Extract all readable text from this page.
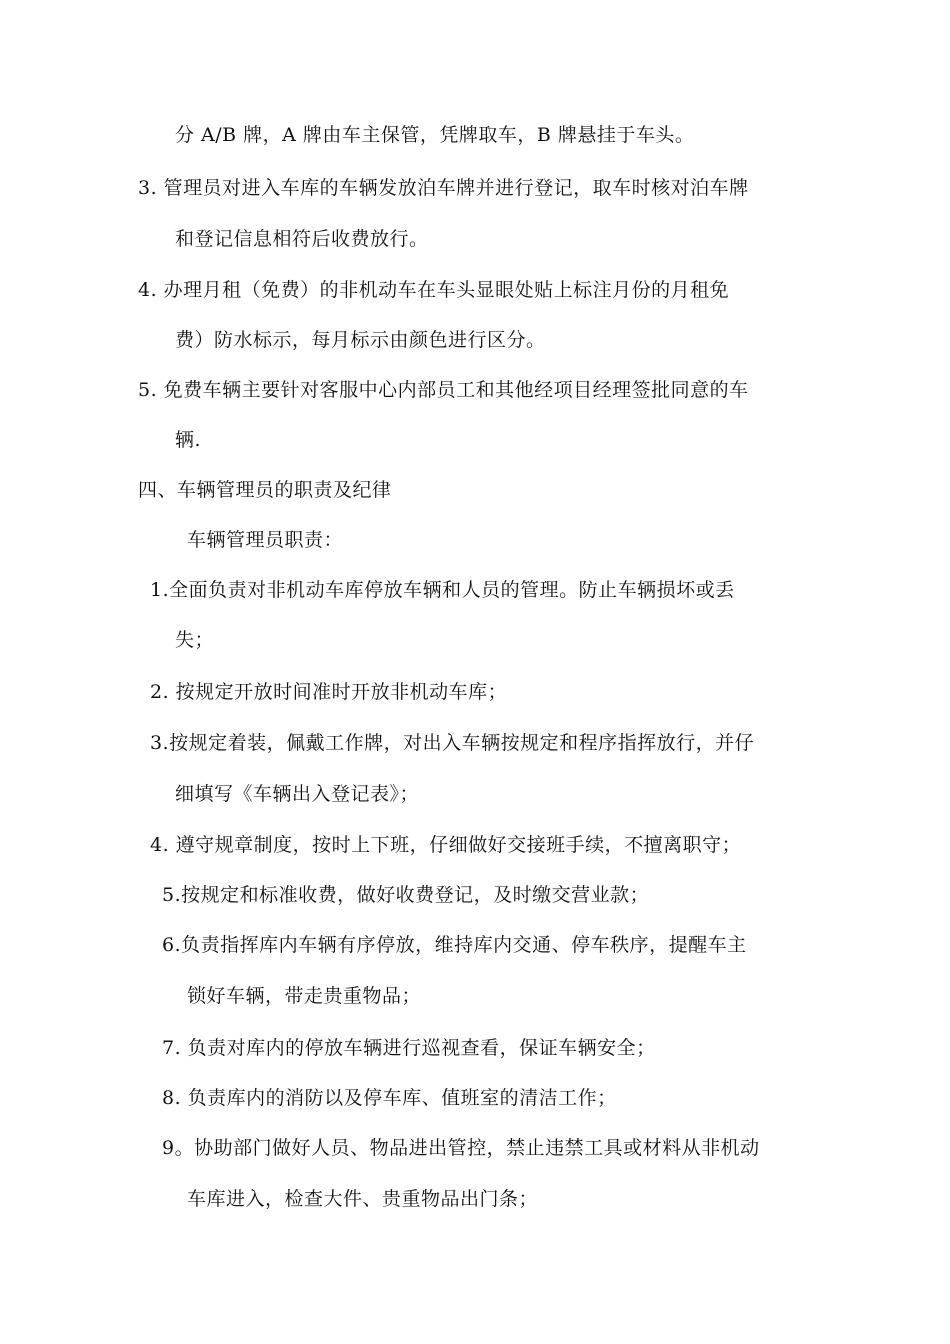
分 A/B 牌，A 牌由车主保管，凭牌取车，B 牌悬挂于车头。
3. 管理员对进入车库的车辆发放泊车牌并进行登记，取车时核对泊车牌
和登记信息相符后收费放行。
4. 办理月租（免费）的非机动车在车头显眼处贴上标注月份的月租免
费）防水标示，每月标示由颜色进行区分。
5. 免费车辆主要针对客服中心内部员工和其他经项目经理签批同意的车
辆.
四、车辆管理员的职责及纪律
车辆管理员职责：
1.全面负责对非机动车库停放车辆和人员的管理。防止车辆损坏或丢
失；
2. 按规定开放时间准时开放非机动车库；
3.按规定着装，佩戴工作牌，对出入车辆按规定和程序指挥放行，并仔
细填写《车辆出入登记表》；
4. 遵守规章制度，按时上下班，仔细做好交接班手续，不擅离职守；
5.按规定和标准收费，做好收费登记，及时缴交营业款；
6.负责指挥库内车辆有序停放，维持库内交通、停车秩序，提醒车主
锁好车辆，带走贵重物品；
7. 负责对库内的停放车辆进行巡视查看，保证车辆安全；
8. 负责库内的消防以及停车库、值班室的清洁工作；
9。协助部门做好人员、物品进出管控，禁止违禁工具或材料从非机动
车库进入，检查大件、贵重物品出门条；
